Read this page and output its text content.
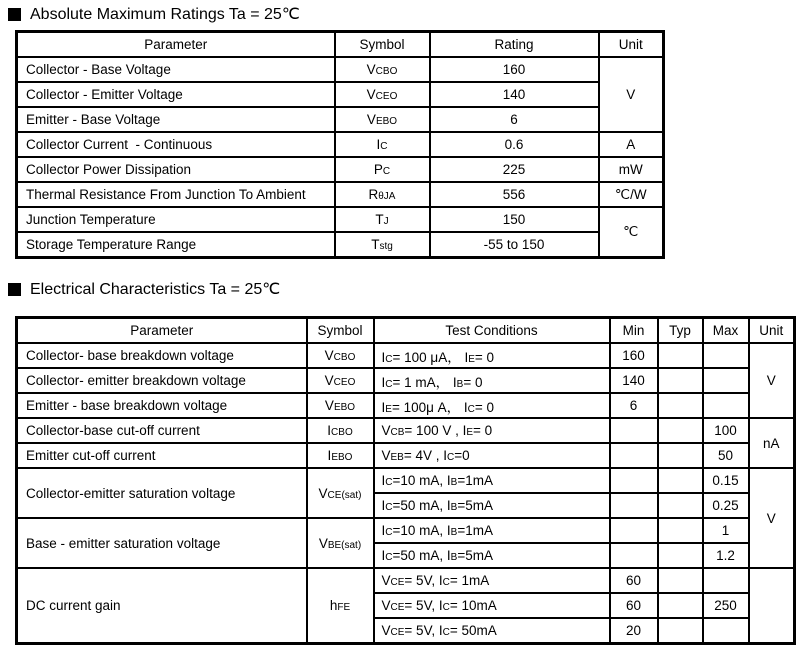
Absolute Maximum Ratings Ta = 25℃
Parameter	Symbol	Rating	Unit
Collector - Base Voltage	VCBO	160	V
Collector - Emitter Voltage	VCEO	140	
Emitter - Base Voltage	VEBO	6	
Collector Current  - Continuous	IC	0.6	A
Collector Power Dissipation	PC	225	mW
Thermal Resistance From Junction To Ambient	RθJA	556	℃/W
Junction Temperature	TJ	150	℃
Storage Temperature Range	Tstg	-55 to 150	
Electrical Characteristics Ta = 25℃
Parameter	Symbol	Test Conditions	Min	Typ	Max	Unit
Collector- base breakdown voltage	VCBO	IC= 100 μA， IE= 0	160			V
Collector- emitter breakdown voltage	VCEO	IC= 1 mA， IB= 0	140			
Emitter - base breakdown voltage	VEBO	IE= 100μ A， IC= 0	6			
Collector-base cut-off current	ICBO	VCB= 100 V , IE= 0			100	nA
Emitter cut-off current	IEBO	VEB= 4V , IC=0			50	
Collector-emitter saturation voltage	VCE(sat)	IC=10 mA, IB=1mA			0.15	V
		IC=50 mA, IB=5mA			0.25	
Base - emitter saturation voltage	VBE(sat)	IC=10 mA, IB=1mA			1	
		IC=50 mA, IB=5mA			1.2	
DC current gain	hFE	VCE= 5V, IC= 1mA	60			
		VCE= 5V, IC= 10mA	60		250	
		VCE= 5V, IC= 50mA	20			
